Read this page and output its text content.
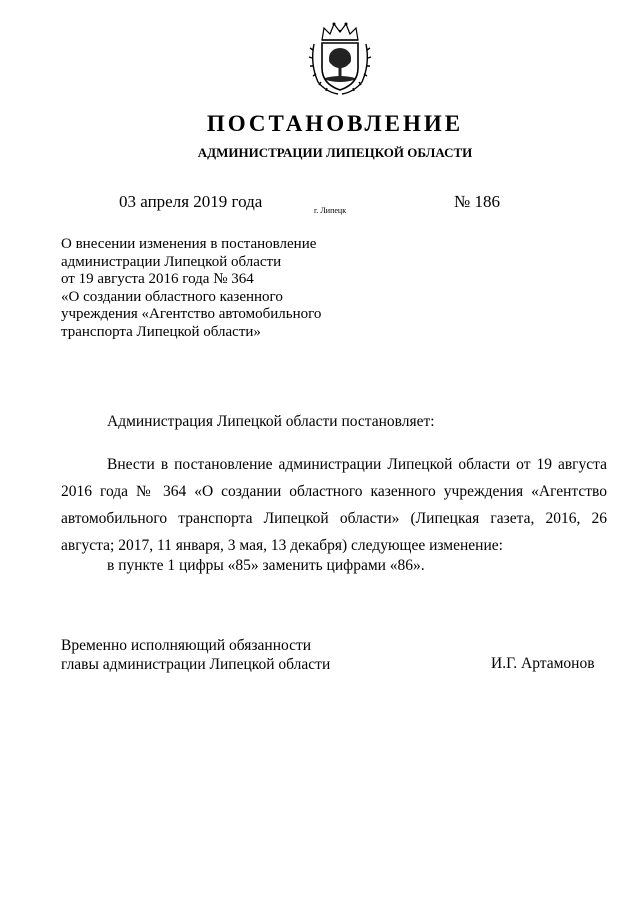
ПОСТАНОВЛЕНИЕ
АДМИНИСТРАЦИИ ЛИПЕЦКОЙ ОБЛАСТИ
03 апреля 2019 года	г. Липецк	№ 186
О внесении изменения в постановление
администрации Липецкой области
от 19 августа 2016 года № 364
«О создании областного казенного
учреждения «Агентство автомобильного
транспорта Липецкой области»
Администрация Липецкой области постановляет:

Внести в постановление администрации Липецкой области от 19 августа 2016 года № 364 «О создании областного казенного учреждения «Агентство автомобильного транспорта Липецкой области» (Липецкая газета, 2016, 26 августа; 2017, 11 января, 3 мая, 13 декабря) следующее изменение:

в пункте 1 цифры «85» заменить цифрами «86».
Временно исполняющий обязанности
главы администрации Липецкой области	И.Г. Артамонов
